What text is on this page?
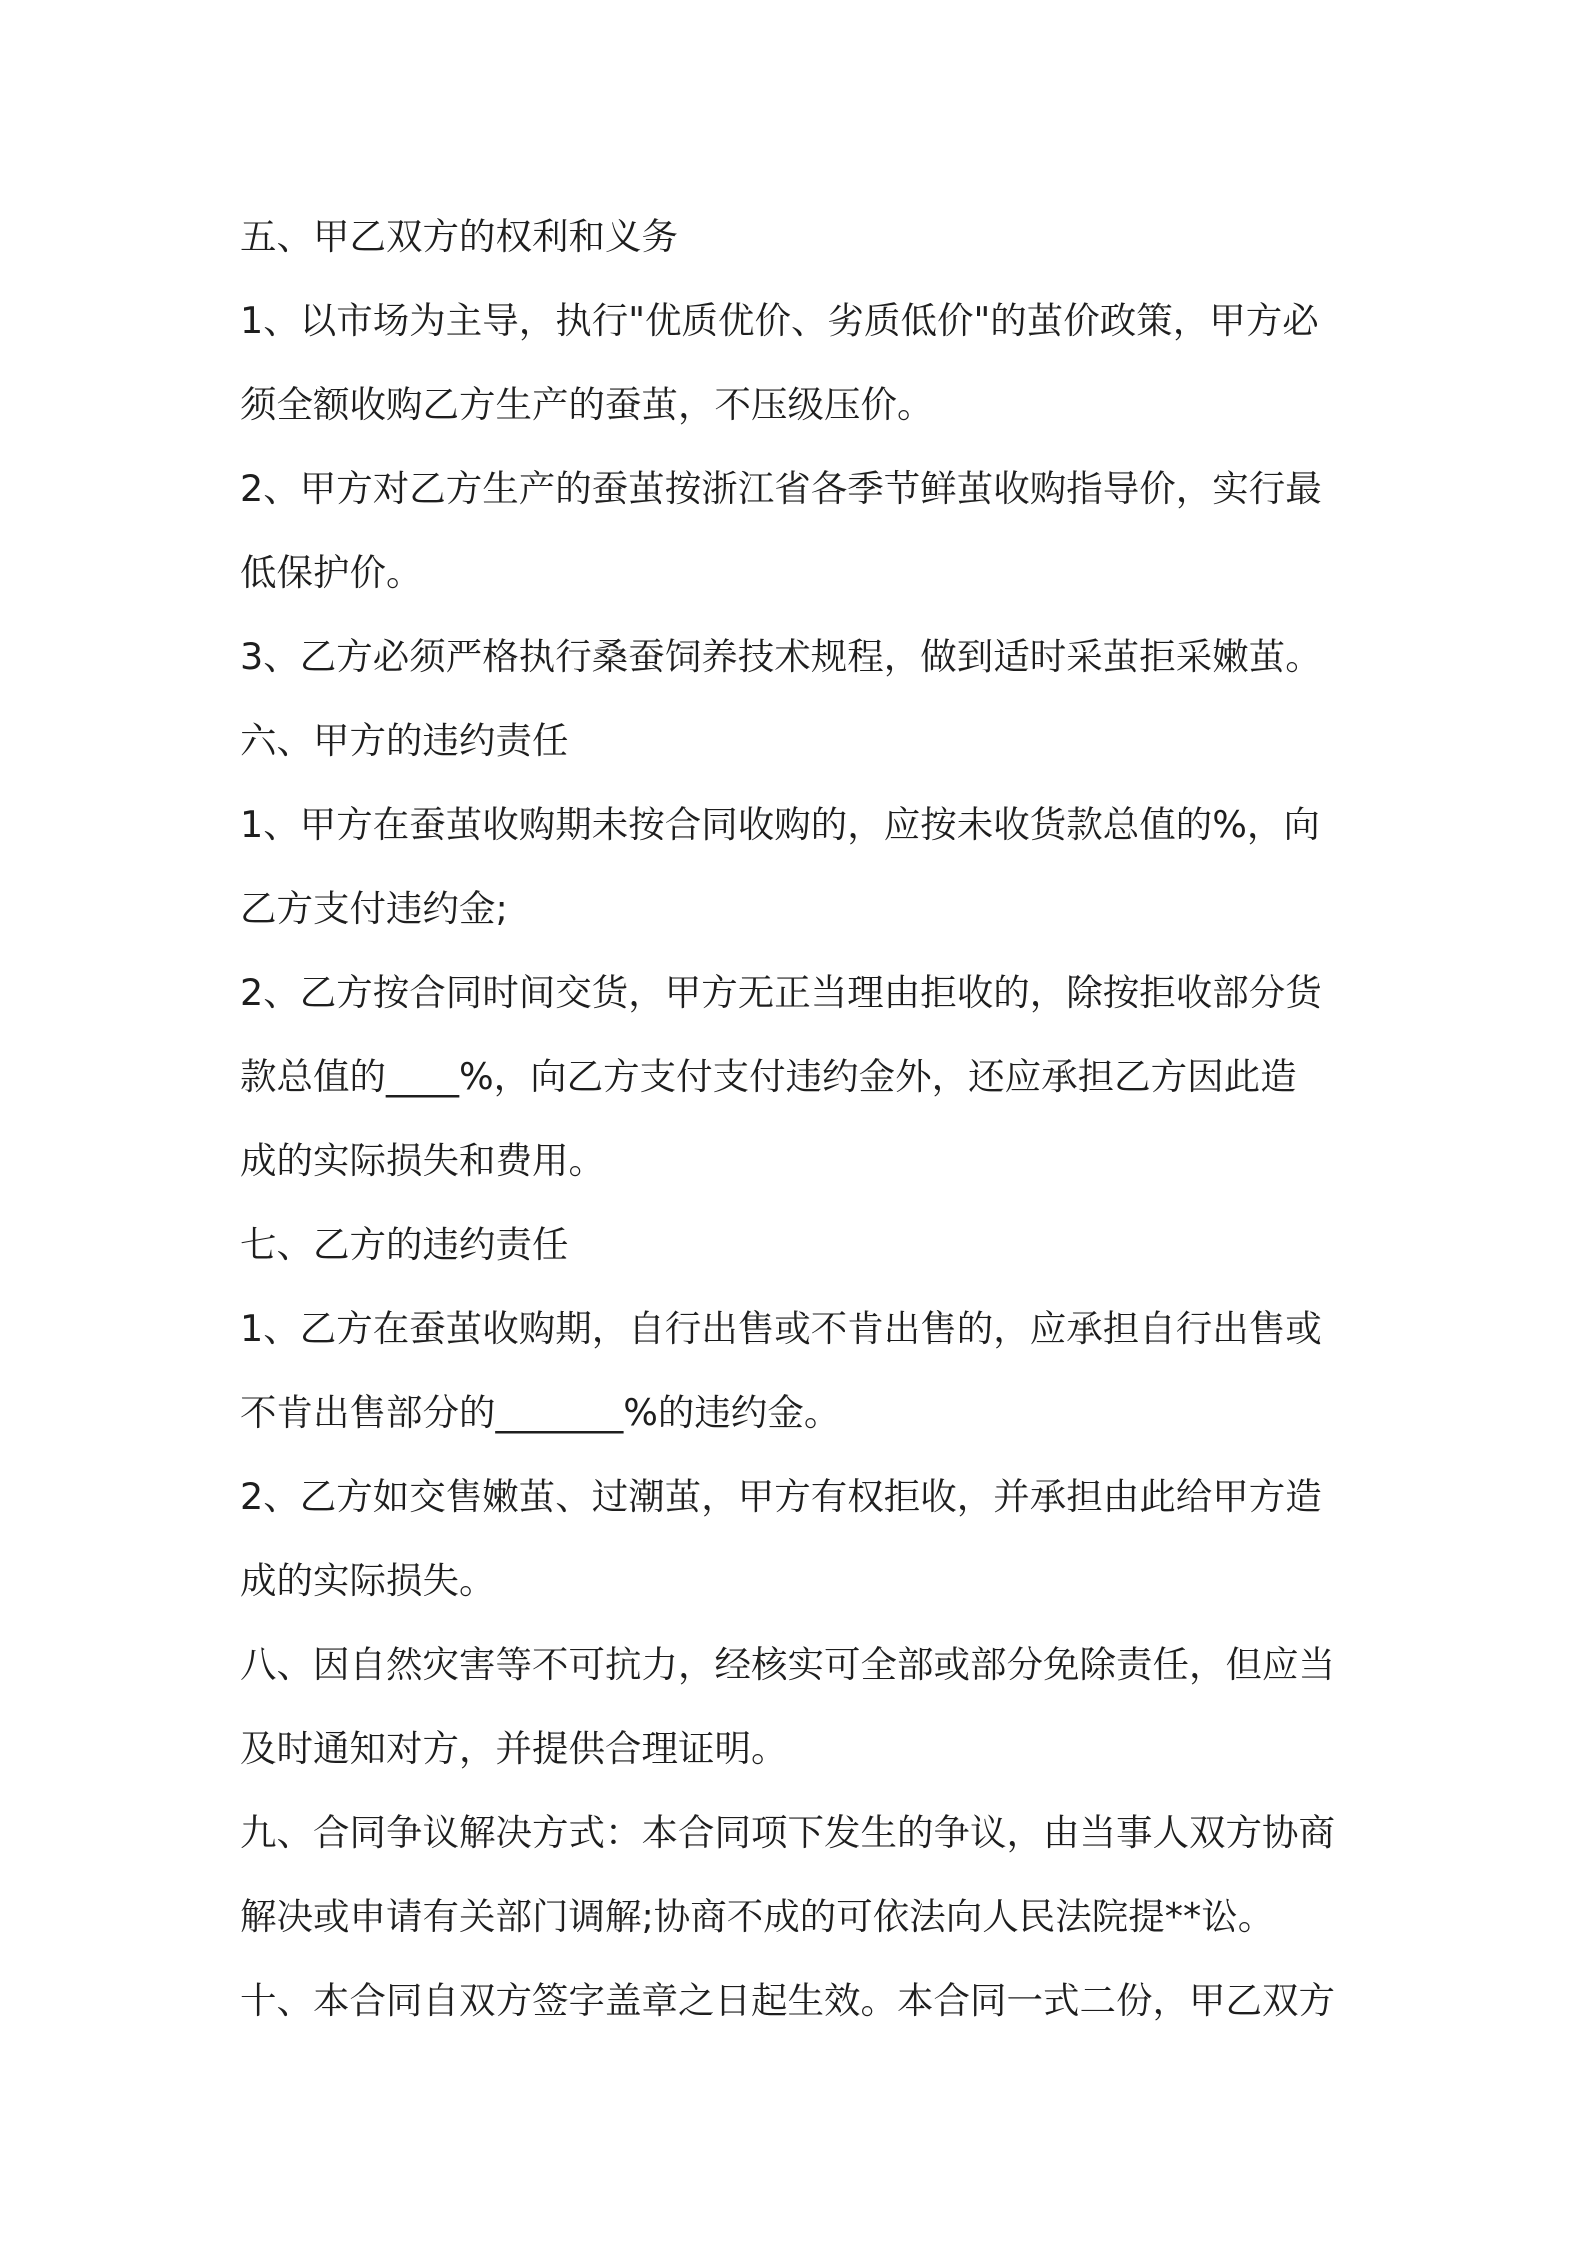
五、甲乙双方的权利和义务
1、以市场为主导，执行"优质优价、劣质低价"的茧价政策，甲方必
须全额收购乙方生产的蚕茧，不压级压价。
2、甲方对乙方生产的蚕茧按浙江省各季节鲜茧收购指导价，实行最
低保护价。
3、乙方必须严格执行桑蚕饲养技术规程，做到适时采茧拒采嫩茧。
六、甲方的违约责任
1、甲方在蚕茧收购期未按合同收购的，应按未收货款总值的%，向
乙方支付违约金;
2、乙方按合同时间交货，甲方无正当理由拒收的，除按拒收部分货
款总值的____%，向乙方支付支付违约金外，还应承担乙方因此造
成的实际损失和费用。
七、乙方的违约责任
1、乙方在蚕茧收购期，自行出售或不肯出售的，应承担自行出售或
不肯出售部分的_______%的违约金。
2、乙方如交售嫩茧、过潮茧，甲方有权拒收，并承担由此给甲方造
成的实际损失。
八、因自然灾害等不可抗力，经核实可全部或部分免除责任，但应当
及时通知对方，并提供合理证明。
九、合同争议解决方式：本合同项下发生的争议，由当事人双方协商
解决或申请有关部门调解;协商不成的可依法向人民法院提**讼。
十、本合同自双方签字盖章之日起生效。本合同一式二份，甲乙双方
